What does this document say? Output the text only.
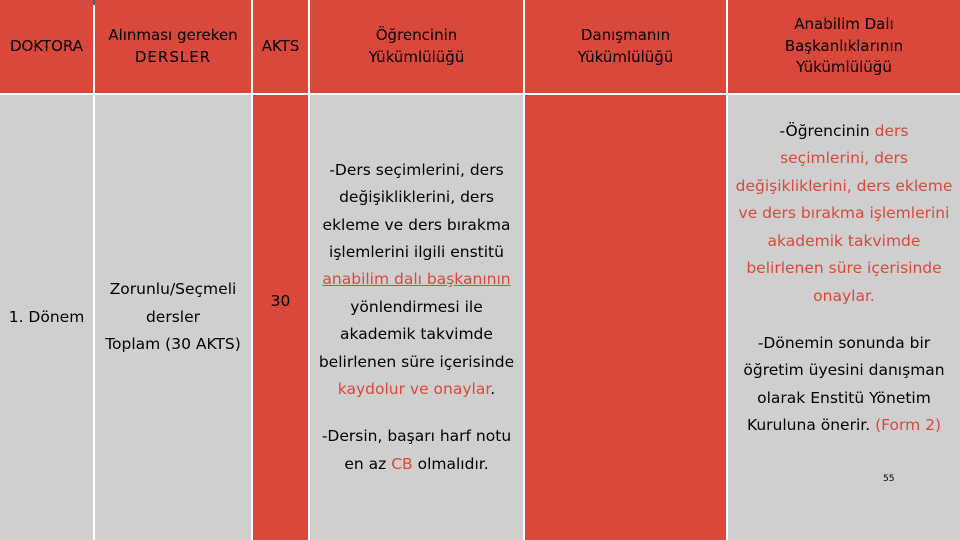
DOKTORA
Alınması gereken
DERSLER
AKTS
Öğrencinin
Yükümlülüğü
Danışmanın
Yükümlülüğü
Anabilim Dalı
Başkanlıklarının
Yükümlülüğü
1. Dönem
Zorunlu/Seçmeli
dersler
Toplam (30 AKTS)
30
-Ders seçimlerini, ders
değişikliklerini, ders
ekleme ve ders bırakma
işlemlerini ilgili enstitü
anabilim dalı başkanının
yönlendirmesi ile
akademik takvimde
belirlenen süre içerisinde
kaydolur ve onaylar.
-Dersin, başarı harf notu
en az CB olmalıdır.
-Öğrencinin ders
seçimlerini, ders
değişikliklerini, ders ekleme
ve ders bırakma işlemlerini
akademik takvimde
belirlenen süre içerisinde
onaylar.
-Dönemin sonunda bir
öğretim üyesini danışman
olarak Enstitü Yönetim
Kuruluna önerir. (Form 2)
55
